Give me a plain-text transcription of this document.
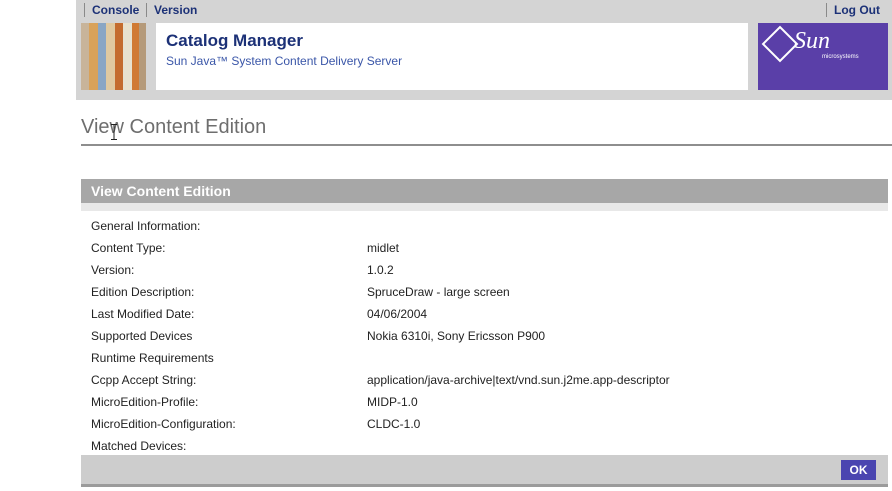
Console	Version	Log Out
Catalog Manager
Sun Java™ System Content Delivery Server
Sun
microsystems
View Content Edition
View Content Edition
General Information:
Content Type:	midlet
Version:	1.0.2
Edition Description:	SpruceDraw - large screen
Last Modified Date:	04/06/2004
Supported Devices	Nokia 6310i, Sony Ericsson P900
Runtime Requirements
Ccpp Accept String:	application/java-archive|text/vnd.sun.j2me.app-descriptor
MicroEdition-Profile:	MIDP-1.0
MicroEdition-Configuration:	CLDC-1.0
Matched Devices:
OK
